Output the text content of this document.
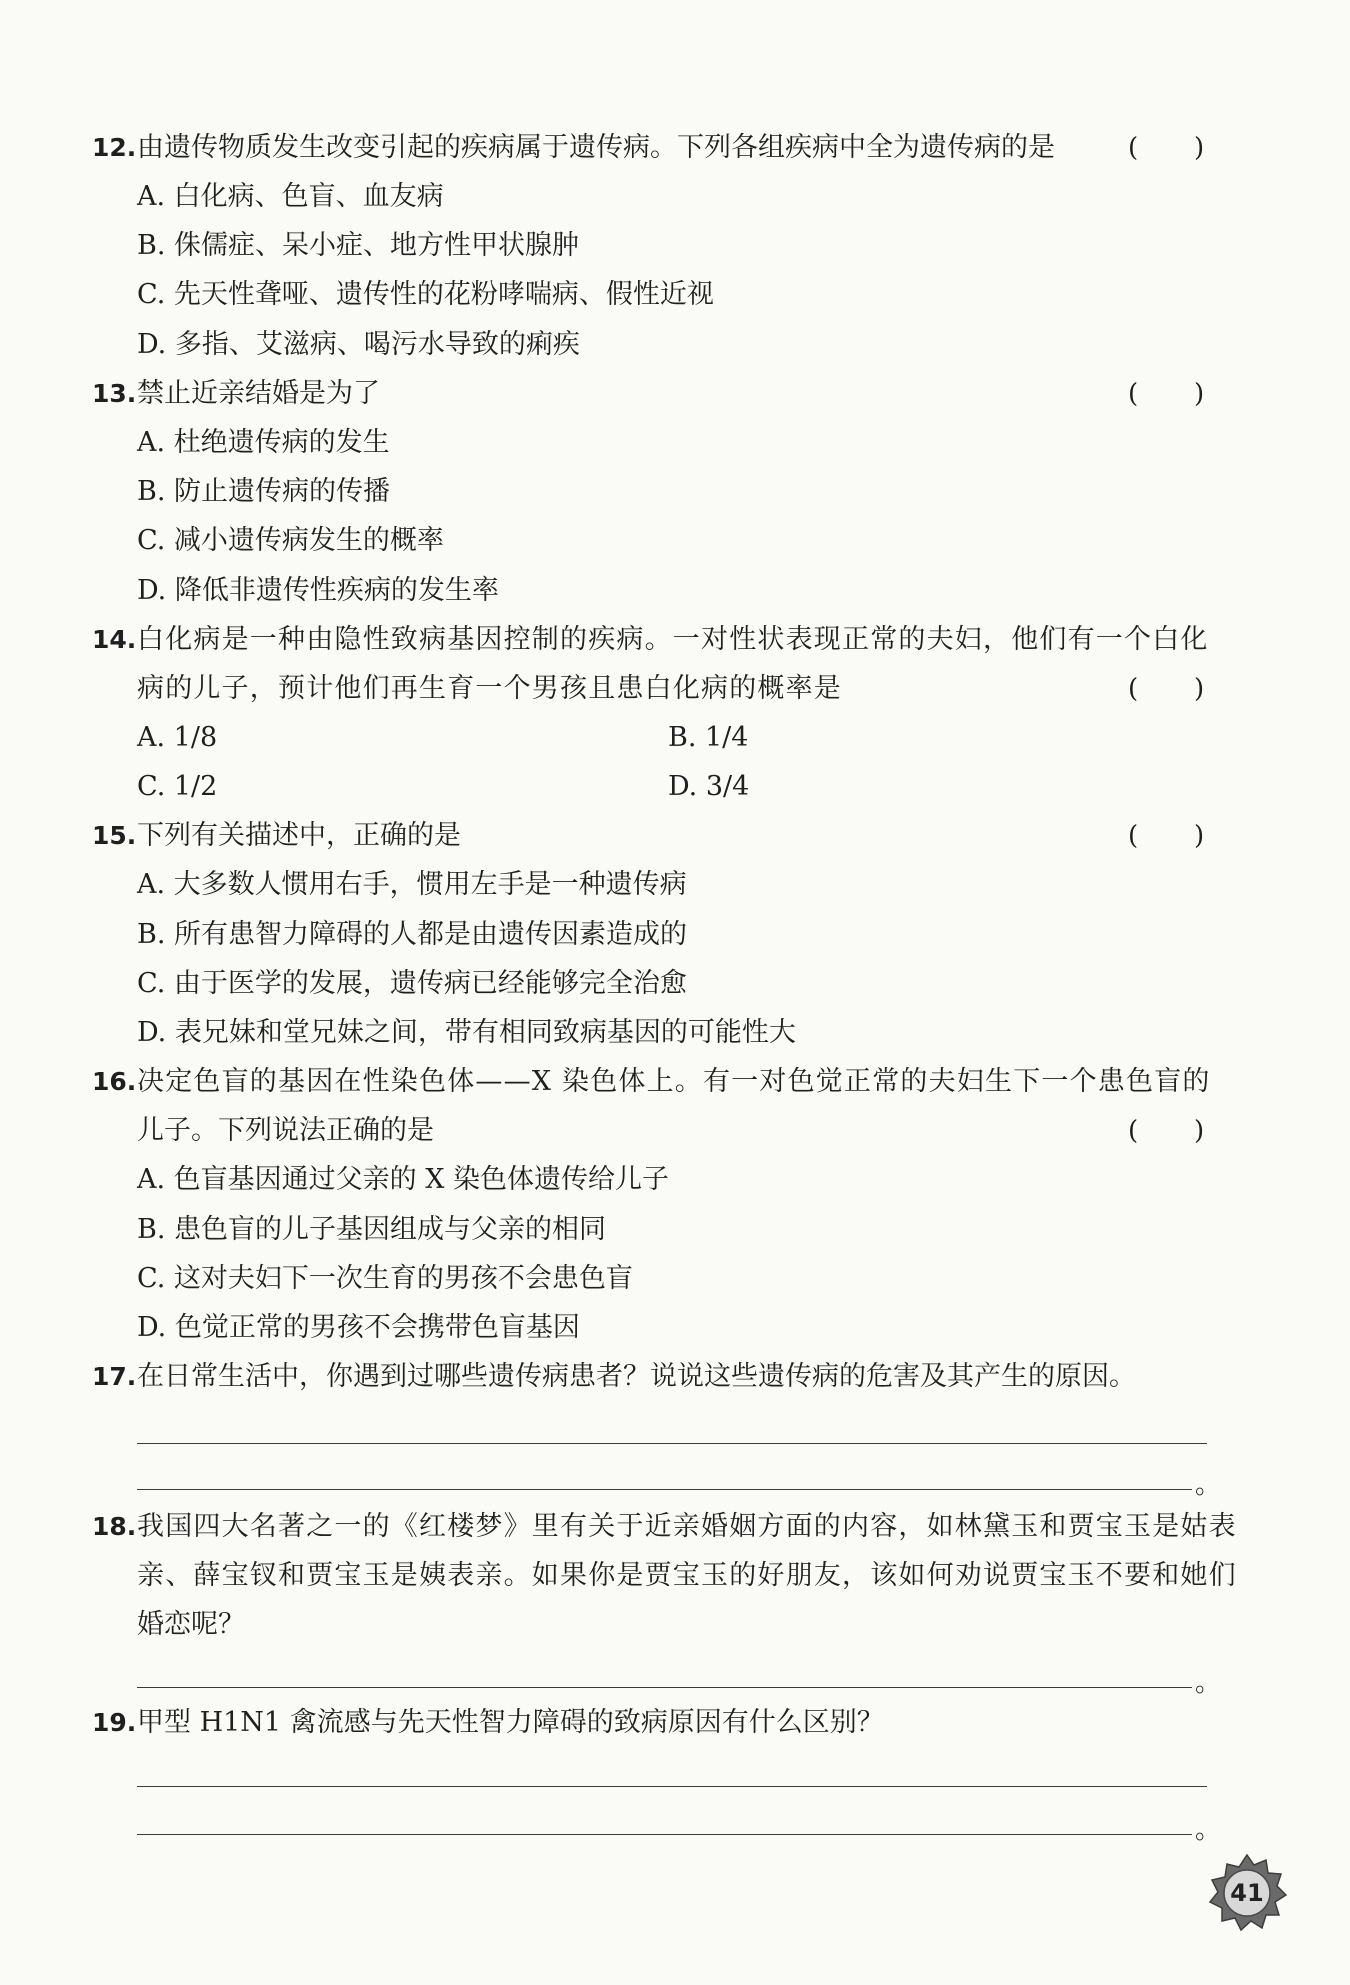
12. 由遗传物质发生改变引起的疾病属于遗传病。下列各组疾病中全为遗传病的是	( )
A. 白化病、色盲、血友病
B. 侏儒症、呆小症、地方性甲状腺肿
C. 先天性聋哑、遗传性的花粉哮喘病、假性近视
D. 多指、艾滋病、喝污水导致的痢疾
13. 禁止近亲结婚是为了	( )
A. 杜绝遗传病的发生
B. 防止遗传病的传播
C. 减小遗传病发生的概率
D. 降低非遗传性疾病的发生率
14. 白化病是一种由隐性致病基因控制的疾病。一对性状表现正常的夫妇，他们有一个白化
病的儿子，预计他们再生育一个男孩且患白化病的概率是	( )
A. 1/8	B. 1/4
C. 1/2	D. 3/4
15. 下列有关描述中，正确的是	( )
A. 大多数人惯用右手，惯用左手是一种遗传病
B. 所有患智力障碍的人都是由遗传因素造成的
C. 由于医学的发展，遗传病已经能够完全治愈
D. 表兄妹和堂兄妹之间，带有相同致病基因的可能性大
16. 决定色盲的基因在性染色体——X 染色体上。有一对色觉正常的夫妇生下一个患色盲的
儿子。下列说法正确的是	( )
A. 色盲基因通过父亲的 X 染色体遗传给儿子
B. 患色盲的儿子基因组成与父亲的相同
C. 这对夫妇下一次生育的男孩不会患色盲
D. 色觉正常的男孩不会携带色盲基因
17. 在日常生活中，你遇到过哪些遗传病患者？说说这些遗传病的危害及其产生的原因。
。
18. 我国四大名著之一的《红楼梦》里有关于近亲婚姻方面的内容，如林黛玉和贾宝玉是姑表
亲、薛宝钗和贾宝玉是姨表亲。如果你是贾宝玉的好朋友，该如何劝说贾宝玉不要和她们
婚恋呢？
。
19. 甲型 H1N1 禽流感与先天性智力障碍的致病原因有什么区别？
。
41
